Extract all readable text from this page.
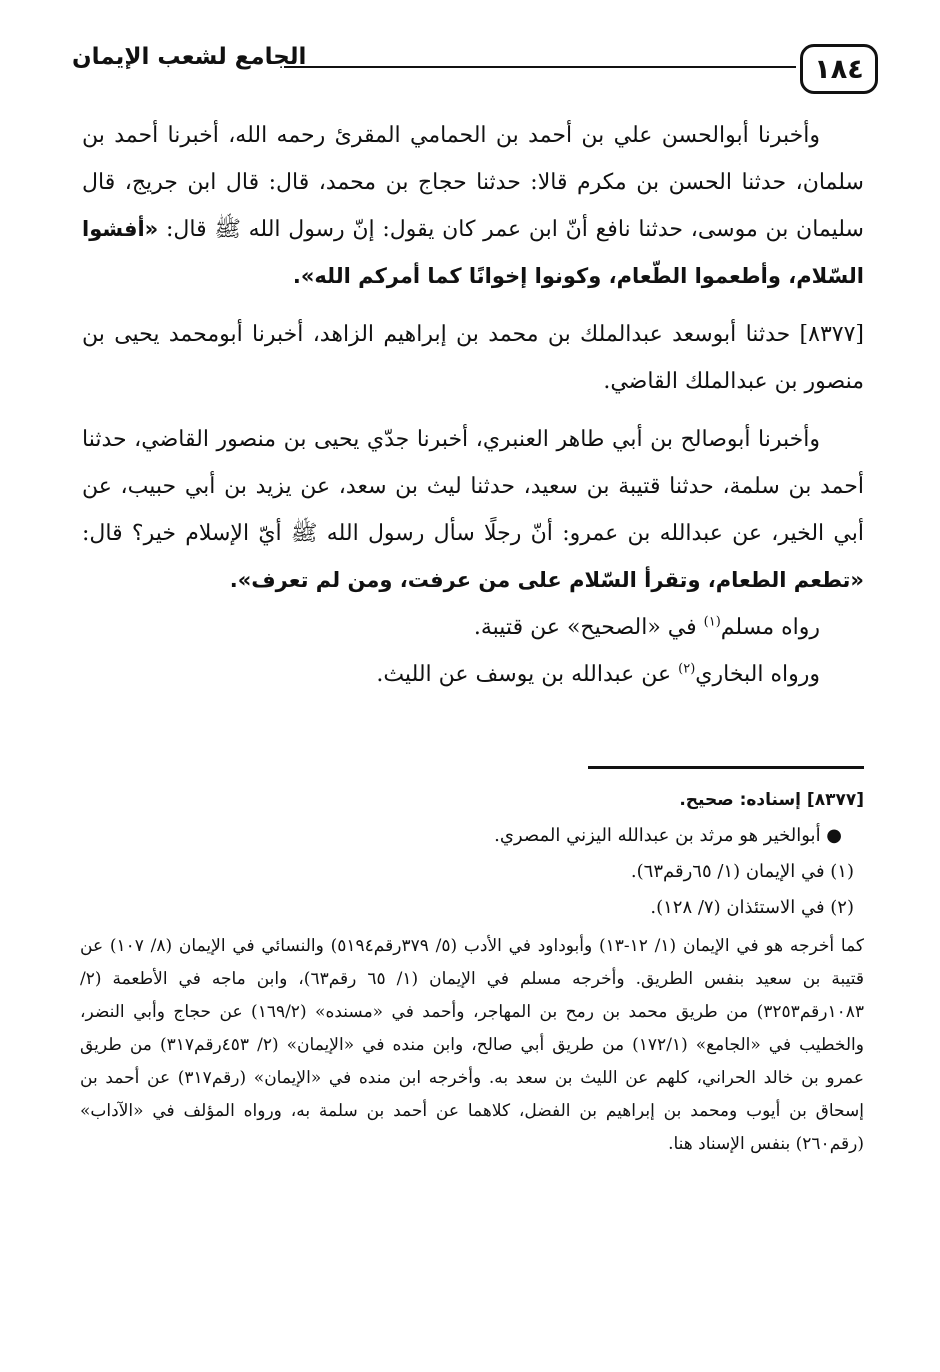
١٨٤
الجامع لشعب الإيمان

وأخبرنا أبوالحسن علي بن أحمد بن الحمامي المقرئ رحمه الله، أخبرنا أحمد بن سلمان، حدثنا الحسن بن مكرم قالا: حدثنا حجاج بن محمد، قال: قال ابن جريج، قال سليمان بن موسى، حدثنا نافع أنّ ابن عمر كان يقول: إنّ رسول الله ﷺ قال: «أفشوا السّلام، وأطعموا الطّعام، وكونوا إخوانًا كما أمركم الله».

[٨٣٧٧] حدثنا أبوسعد عبدالملك بن محمد بن إبراهيم الزاهد، أخبرنا أبومحمد يحيى بن منصور بن عبدالملك القاضي.

وأخبرنا أبوصالح بن أبي طاهر العنبري، أخبرنا جدّي يحيى بن منصور القاضي، حدثنا أحمد بن سلمة، حدثنا قتيبة بن سعيد، حدثنا ليث بن سعد، عن يزيد بن أبي حبيب، عن أبي الخير، عن عبدالله بن عمرو: أنّ رجلًا سأل رسول الله ﷺ أيّ الإسلام خير؟ قال: «تطعم الطعام، وتقرأ السّلام على من عرفت، ومن لم تعرف».

رواه مسلم$^{(١)}$ في «الصحيح» عن قتيبة.

ورواه البخاري$^{(٢)}$ عن عبدالله بن يوسف عن الليث.

[٨٣٧٧] إسناده: صحيح.

● أبوالخير هو مرثد بن عبدالله اليزني المصري.

(١) في الإيمان (١/ ٦٥رقم٦٣).

(٢) في الاستئذان (٧/ ١٢٨).

كما أخرجه هو في الإيمان (١/ ١٢-١٣) وأبوداود في الأدب (٥/ ٣٧٩رقم٥١٩٤) والنسائي في الإيمان (٨/ ١٠٧) عن قتيبة بن سعيد بنفس الطريق. وأخرجه مسلم في الإيمان (١/ ٦٥ رقم٦٣)، وابن ماجه في الأطعمة (٢/ ١٠٨٣رقم٣٢٥٣) من طريق محمد بن رمح بن المهاجر، وأحمد في «مسنده» (١٦٩/٢) عن حجاج وأبي النضر، والخطيب في «الجامع» (١٧٢/١) من طريق أبي صالح، وابن منده في «الإيمان» (٢/ ٤٥٣رقم٣١٧) من طريق عمرو بن خالد الحراني، كلهم عن الليث بن سعد به. وأخرجه ابن منده في «الإيمان» (رقم٣١٧) عن أحمد بن إسحاق بن أيوب ومحمد بن إبراهيم بن الفضل، كلاهما عن أحمد بن سلمة به، ورواه المؤلف في «الآداب» (رقم٢٦٠) بنفس الإسناد هنا.
